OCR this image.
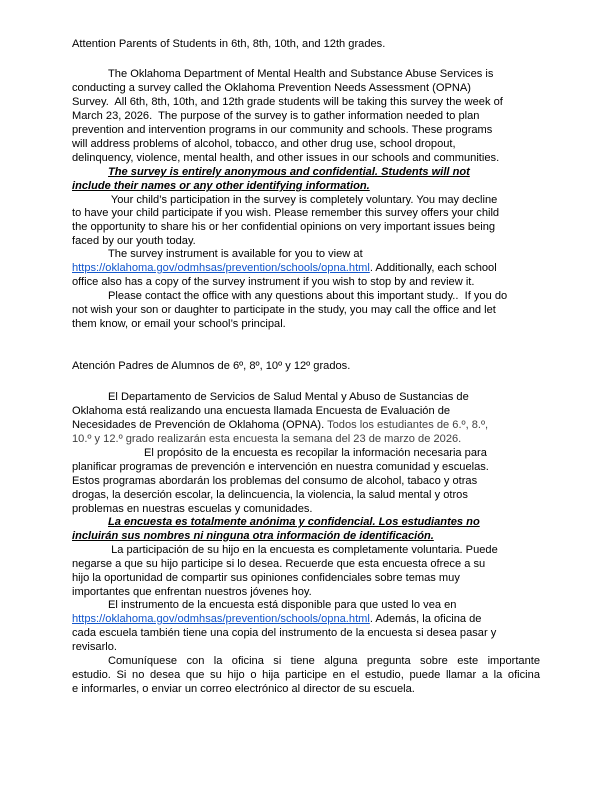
Attention Parents of Students in 6th, 8th, 10th, and 12th grades.
The Oklahoma Department of Mental Health and Substance Abuse Services is
conducting a survey called the Oklahoma Prevention Needs Assessment (OPNA)
Survey.  All 6th, 8th, 10th, and 12th grade students will be taking this survey the week of
March 23, 2026.  The purpose of the survey is to gather information needed to plan
prevention and intervention programs in our community and schools. These programs
will address problems of alcohol, tobacco, and other drug use, school dropout,
delinquency, violence, mental health, and other issues in our schools and communities.
The survey is entirely anonymous and confidential. Students will not
include their names or any other identifying information.
Your child’s participation in the survey is completely voluntary. You may decline
to have your child participate if you wish. Please remember this survey offers your child
the opportunity to share his or her confidential opinions on very important issues being
faced by our youth today.
The survey instrument is available for you to view at
https://oklahoma.gov/odmhsas/prevention/schools/opna.html. Additionally, each school
office also has a copy of the survey instrument if you wish to stop by and review it.
Please contact the office with any questions about this important study..  If you do
not wish your son or daughter to participate in the study, you may call the office and let
them know, or email your school’s principal.
Atención Padres de Alumnos de 6º, 8º, 10º y 12º grados.
El Departamento de Servicios de Salud Mental y Abuso de Sustancias de
Oklahoma está realizando una encuesta llamada Encuesta de Evaluación de
Necesidades de Prevención de Oklahoma (OPNA). Todos los estudiantes de 6.º, 8.º,
10.º y 12.º grado realizarán esta encuesta la semana del 23 de marzo de 2026.
El propósito de la encuesta es recopilar la información necesaria para
planificar programas de prevención e intervención en nuestra comunidad y escuelas.
Estos programas abordarán los problemas del consumo de alcohol, tabaco y otras
drogas, la deserción escolar, la delincuencia, la violencia, la salud mental y otros
problemas en nuestras escuelas y comunidades.
La encuesta es totalmente anónima y confidencial. Los estudiantes no
incluirán sus nombres ni ninguna otra información de identificación.
La participación de su hijo en la encuesta es completamente voluntaria. Puede
negarse a que su hijo participe si lo desea. Recuerde que esta encuesta ofrece a su
hijo la oportunidad de compartir sus opiniones confidenciales sobre temas muy
importantes que enfrentan nuestros jóvenes hoy.
El instrumento de la encuesta está disponible para que usted lo vea en
https://oklahoma.gov/odmhsas/prevention/schools/opna.html. Además, la oficina de
cada escuela también tiene una copia del instrumento de la encuesta si desea pasar y
revisarlo.
Comuníquese con la oficina si tiene alguna pregunta sobre este importante
estudio. Si no desea que su hijo o hija participe en el estudio, puede llamar a la oficina
e informarles, o enviar un correo electrónico al director de su escuela.
